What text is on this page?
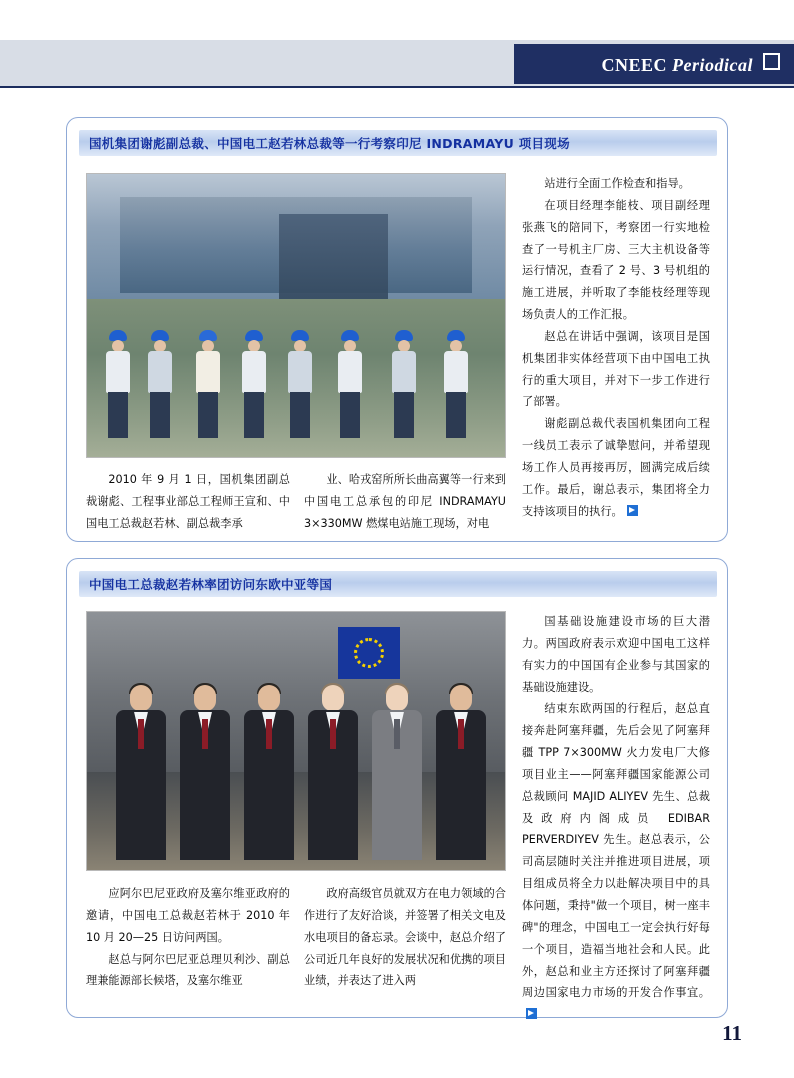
CNEEC Periodical
国机集团谢彪副总裁、中国电工赵若林总裁等一行考察印尼 INDRAMAYU 项目现场

站进行全面工作检查和指导。

在项目经理李能枝、项目副经理张燕飞的陪同下，考察团一行实地检查了一号机主厂房、三大主机设备等运行情况，查看了 2 号、3 号机组的施工进展，并听取了李能枝经理等现场负责人的工作汇报。

赵总在讲话中强调，该项目是国机集团非实体经营项下由中国电工执行的重大项目，并对下一步工作进行了部署。

谢彪副总裁代表国机集团向工程一线员工表示了诚挚慰问，并希望现场工作人员再接再厉，圆满完成后续工作。最后，谢总表示，集团将全力支持该项目的执行。

2010 年 9 月 1 日，国机集团副总裁谢彪、工程事业部总工程师王宣和、中国电工总裁赵若林、副总裁李承

业、哈戎窑所所长曲高翼等一行来到中国电工总承包的印尼 INDRAMAYU 3×330MW 燃煤电站施工现场，对电

中国电工总裁赵若林率团访问东欧中亚等国

国基础设施建设市场的巨大潜力。两国政府表示欢迎中国电工这样有实力的中国国有企业参与其国家的基础设施建设。

结束东欧两国的行程后，赵总直接奔赴阿塞拜疆，先后会见了阿塞拜疆 TPP 7×300MW 火力发电厂大修项目业主——阿塞拜疆国家能源公司总裁顾问 MAJID ALIYEV 先生、总裁及政府内阁成员 EDIBAR PERVERDIYEV 先生。赵总表示，公司高层随时关注并推进项目进展，项目组成员将全力以赴解决项目中的具体问题，秉持"做一个项目，树一座丰碑"的理念，中国电工一定会执行好每一个项目，造福当地社会和人民。此外，赵总和业主方还探讨了阿塞拜疆周边国家电力市场的开发合作事宜。

应阿尔巴尼亚政府及塞尔维亚政府的邀请，中国电工总裁赵若林于 2010 年 10 月 20—25 日访问两国。

赵总与阿尔巴尼亚总理贝利沙、副总理兼能源部长候塔，及塞尔维亚

政府高级官员就双方在电力领域的合作进行了友好洽谈，并签署了相关文电及水电项目的备忘录。会谈中，赵总介绍了公司近几年良好的发展状况和优携的项目业绩，并表达了进入两

11
